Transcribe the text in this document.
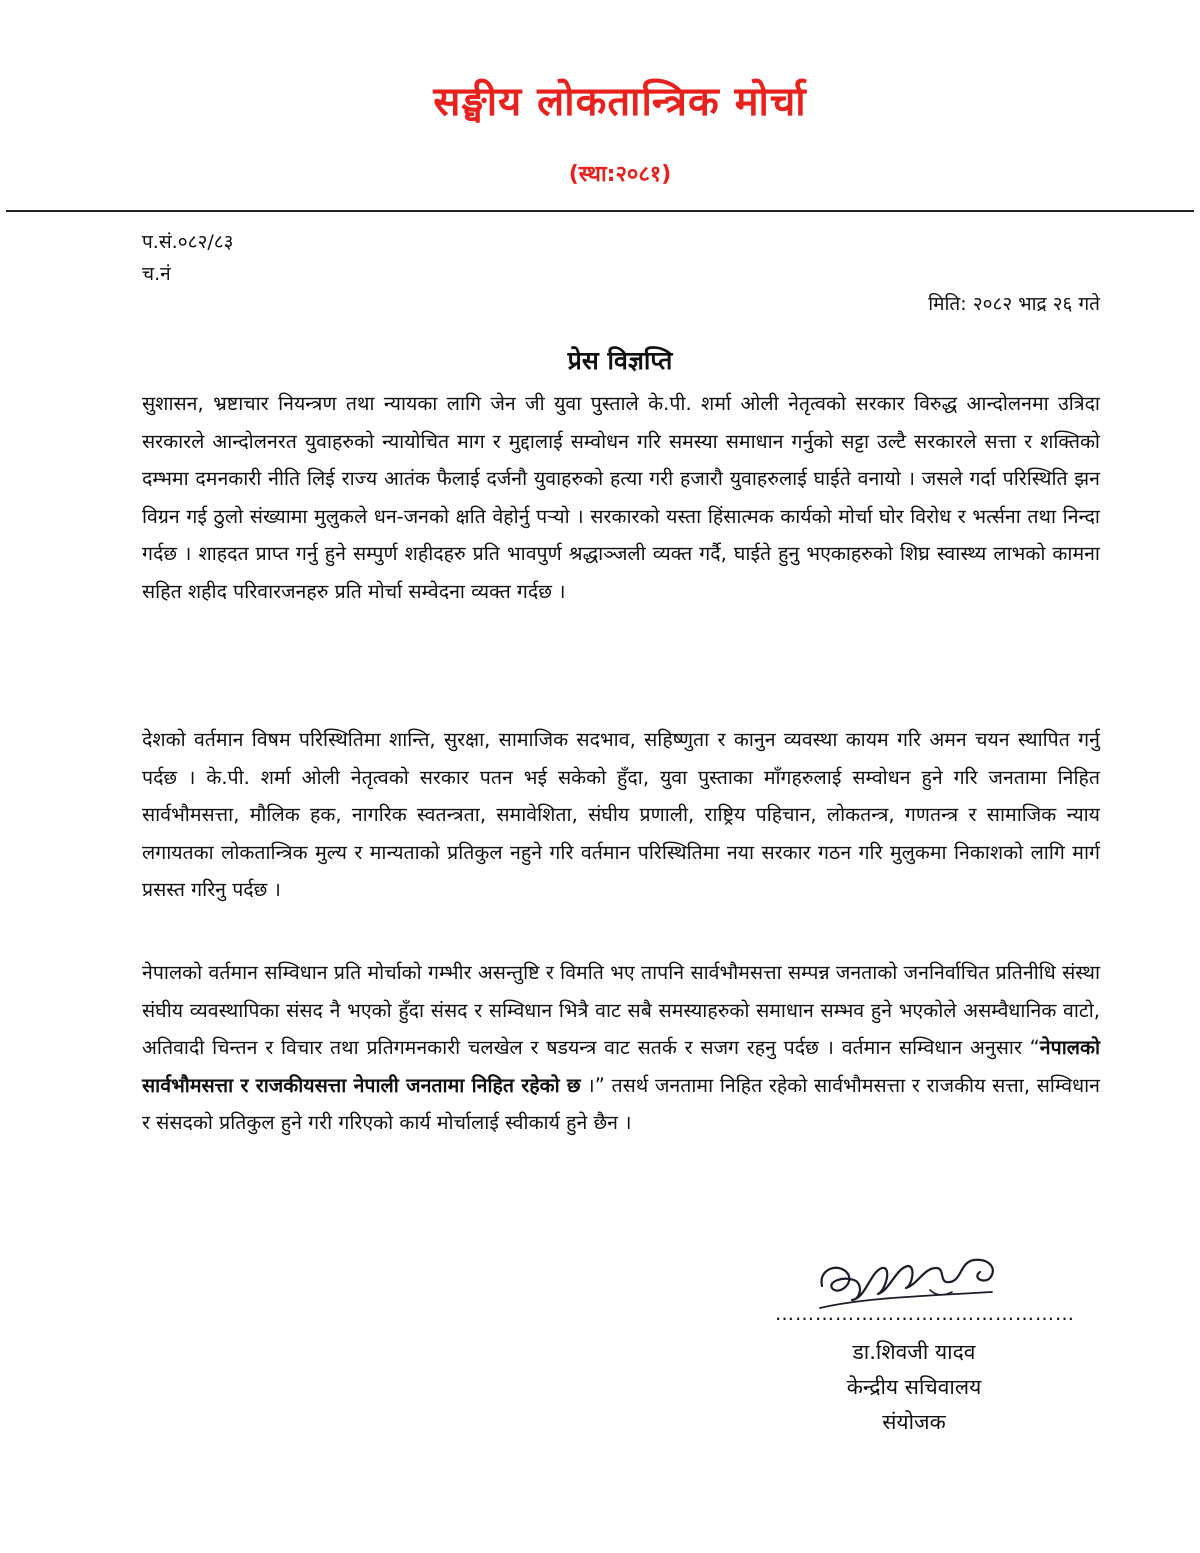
सङ्घीय लोकतान्त्रिक मोर्चा
(स्था:२०८१)
प.सं.०८२/८३
च.नं
मिति: २०८२ भाद्र २६ गते
प्रेस विज्ञप्ति

सुशासन, भ्रष्टाचार नियन्त्रण तथा न्यायका लागि जेन जी युवा पुस्ताले के.पी. शर्मा ओली नेतृत्वको सरकार विरुद्ध आन्दोलनमा उत्रिदा सरकारले आन्दोलनरत युवाहरुको न्यायोचित माग र मुद्दालाई सम्वोधन गरि समस्या समाधान गर्नुको सट्टा उल्टै सरकारले सत्ता र शक्तिको दम्भमा दमनकारी नीति लिई राज्य आतंक फैलाई दर्जनौ युवाहरुको हत्या गरी हजारौ युवाहरुलाई घाईते वनायो । जसले गर्दा परिस्थिति झन विग्रन गई ठुलो संख्यामा मुलुकले धन-जनको क्षति वेहोर्नु पर्‍यो । सरकारको यस्ता हिंसात्मक कार्यको मोर्चा घोर विरोध र भर्त्सना तथा निन्दा गर्दछ । शाहदत प्राप्त गर्नु हुने सम्पुर्ण शहीदहरु प्रति भावपुर्ण श्रद्धाञ्जली व्यक्त गर्दै, घाईते हुनु भएकाहरुको शिघ्र स्वास्थ्य लाभको कामना सहित शहीद परिवारजनहरु प्रति मोर्चा सम्वेदना व्यक्त गर्दछ ।

देशको वर्तमान विषम परिस्थितिमा शान्ति, सुरक्षा, सामाजिक सदभाव, सहिष्णुता र कानुन व्यवस्था कायम गरि अमन चयन स्थापित गर्नु पर्दछ । के.पी. शर्मा ओली नेतृत्वको सरकार पतन भई सकेको हुँदा, युवा पुस्ताका माँगहरुलाई सम्वोधन हुने गरि जनतामा निहित सार्वभौमसत्ता, मौलिक हक, नागरिक स्वतन्त्रता, समावेशिता, संघीय प्रणाली, राष्ट्रिय पहिचान, लोकतन्त्र, गणतन्त्र र सामाजिक न्याय लगायतका लोकतान्त्रिक मुल्य र मान्यताको प्रतिकुल नहुने गरि वर्तमान परिस्थितिमा नया सरकार गठन गरि मुलुकमा निकाशको लागि मार्ग प्रसस्त गरिनु पर्दछ ।

नेपालको वर्तमान सम्विधान प्रति मोर्चाको गम्भीर असन्तुष्टि र विमति भए तापनि सार्वभौमसत्ता सम्पन्न जनताको जननिर्वाचित प्रतिनीधि संस्था संघीय व्यवस्थापिका संसद नै भएको हुँदा संसद र सम्विधान भित्रै वाट सबै समस्याहरुको समाधान सम्भव हुने भएकोले असम्वैधानिक वाटो, अतिवादी चिन्तन र विचार तथा प्रतिगमनकारी चलखेल र षडयन्त्र वाट सतर्क र सजग रहनु पर्दछ । वर्तमान सम्विधान अनुसार “नेपालको सार्वभौमसत्ता र राजकीयसत्ता नेपाली जनतामा निहित रहेको छ ।” तसर्थ जनतामा निहित रहेको सार्वभौमसत्ता र राजकीय सत्ता, सम्विधान र संसदको प्रतिकुल हुने गरी गरिएको कार्य मोर्चालाई स्वीकार्य हुने छैन ।

………………………………………
डा.शिवजी यादव
केन्द्रीय सचिवालय
संयोजक
